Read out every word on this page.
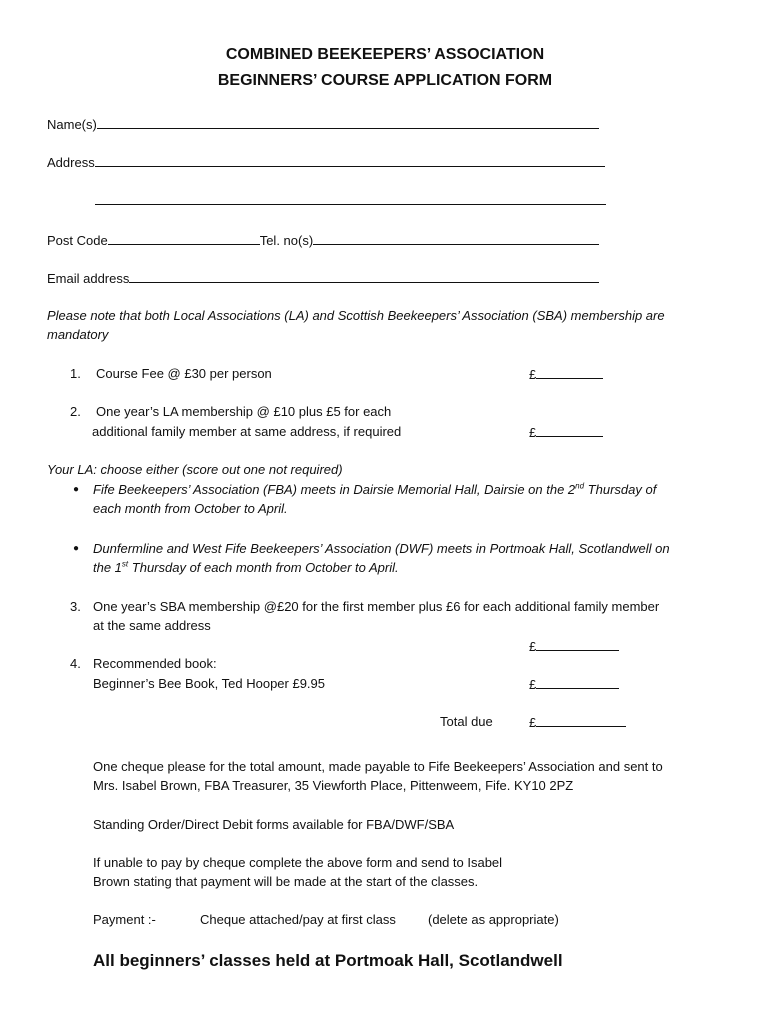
COMBINED BEEKEEPERS’ ASSOCIATION
BEGINNERS’ COURSE APPLICATION FORM
Name(s)
Address
Post Code	Tel. no(s)
Email address
Please note that both Local Associations (LA) and Scottish Beekeepers’ Association (SBA) membership are
mandatory
1. Course Fee @ £30 per person	£
2. One year’s LA membership @ £10 plus £5 for each
additional family member at same address, if required	£
Your LA: choose either (score out one not required)
● Fife Beekeepers’ Association (FBA) meets in Dairsie Memorial Hall, Dairsie on the 2nd Thursday of
each month from October to April.
● Dunfermline and West Fife Beekeepers’ Association (DWF) meets in Portmoak Hall, Scotlandwell on
the 1st Thursday of each month from October to April.
3. One year’s SBA membership @£20 for the first member plus £6 for each additional family member
at the same address
£
4. Recommended book:
Beginner’s Bee Book, Ted Hooper £9.95	£
Total due	£
One cheque please for the total amount, made payable to Fife Beekeepers’ Association and sent to
Mrs. Isabel Brown, FBA Treasurer, 35 Viewforth Place, Pittenweem, Fife. KY10 2PZ
Standing Order/Direct Debit forms available for FBA/DWF/SBA
If unable to pay by cheque complete the above form and send to Isabel
Brown stating that payment will be made at the start of the classes.
Payment :-	Cheque attached/pay at first class (delete as appropriate)
All beginners’ classes held at Portmoak Hall, Scotlandwell
